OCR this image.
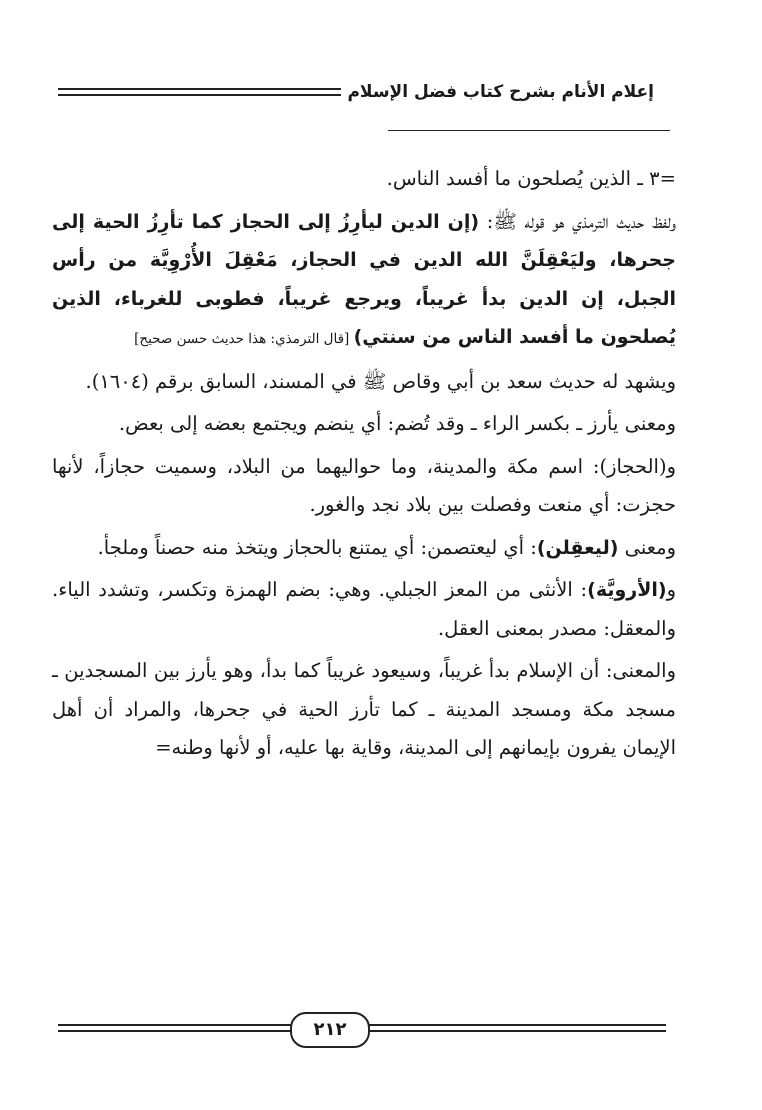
إعلام الأنام بشرح كتاب فضل الإسلام

=٣ ـ الذين يُصلحون ما أفسد الناس.

ولفظ حديث الترمذي هو قوله ﷺ: (إن الدين ليأرِزُ إلى الحجاز كما تأرِزُ الحية إلى جحرها، وليَعْقِلَنَّ الله الدين في الحجاز، مَعْقِلَ الأُرْوِيَّة من رأس الجبل، إن الدين بدأ غريباً، ويرجع غريباً، فطوبى للغرباء، الذين يُصلحون ما أفسد الناس من سنتي) [قال الترمذي: هذا حديث حسن صحيح]

ويشهد له حديث سعد بن أبي وقاص ﷺ في المسند، السابق برقم (١٦٠٤).

ومعنى يأرز ـ بكسر الراء ـ وقد تُضم: أي ينضم ويجتمع بعضه إلى بعض.

و(الحجاز): اسم مكة والمدينة، وما حواليهما من البلاد، وسميت حجازاً، لأنها حجزت: أي منعت وفصلت بين بلاد نجد والغور.

ومعنى (ليعقِلن): أي ليعتصمن: أي يمتنع بالحجاز ويتخذ منه حصناً وملجأ.

و(الأرويَّة): الأنثى من المعز الجبلي. وهي: بضم الهمزة وتكسر، وتشدد الياء. والمعقل: مصدر بمعنى العقل.

والمعنى: أن الإسلام بدأ غريباً، وسيعود غريباً كما بدأ، وهو يأرز بين المسجدين ـ مسجد مكة ومسجد المدينة ـ كما تأرز الحية في جحرها، والمراد أن أهل الإيمان يفرون بإيمانهم إلى المدينة، وقاية بها عليه، أو لأنها وطنه=

٢١٢
